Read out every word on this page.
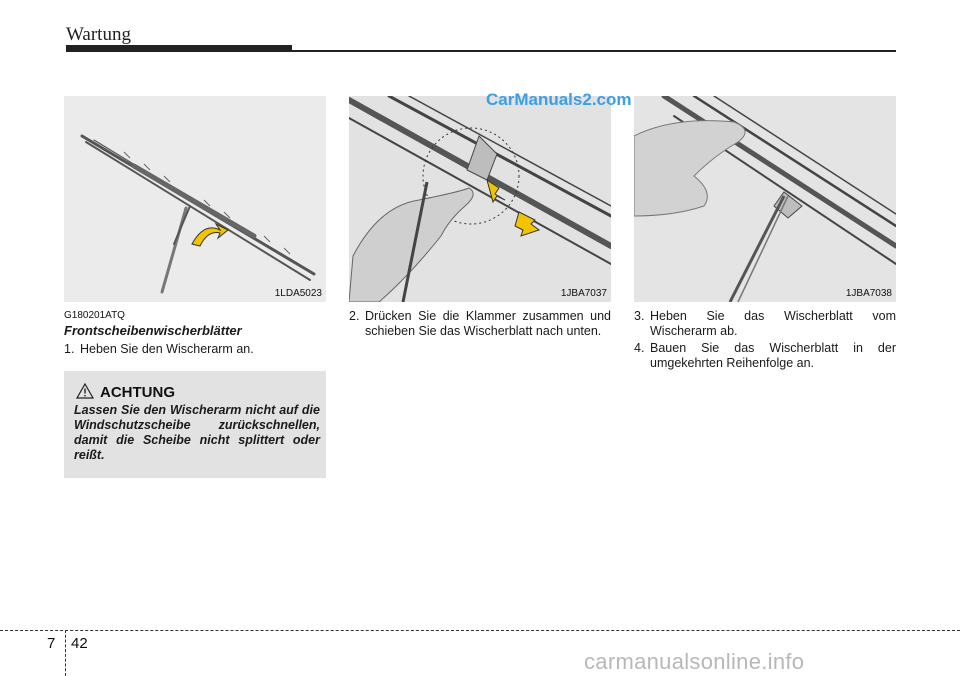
Wartung
1LDA5023	1JBA7037
CarManuals2.com
1JBA7038
G180201ATQ
Frontscheibenwischerblätter
1. Heben Sie den Wischerarm an.
ACHTUNG
Lassen Sie den Wischerarm nicht auf die Windschutzscheibe zurückschnellen, damit die Scheibe nicht splittert oder reißt.
2. Drücken Sie die Klammer zusammen und schieben Sie das Wischerblatt nach unten.
3. Heben Sie das Wischerblatt vom Wischerarm ab.
4. Bauen Sie das Wischerblatt in der umgekehrten Reihenfolge an.
7 42
carmanualsonline.info
